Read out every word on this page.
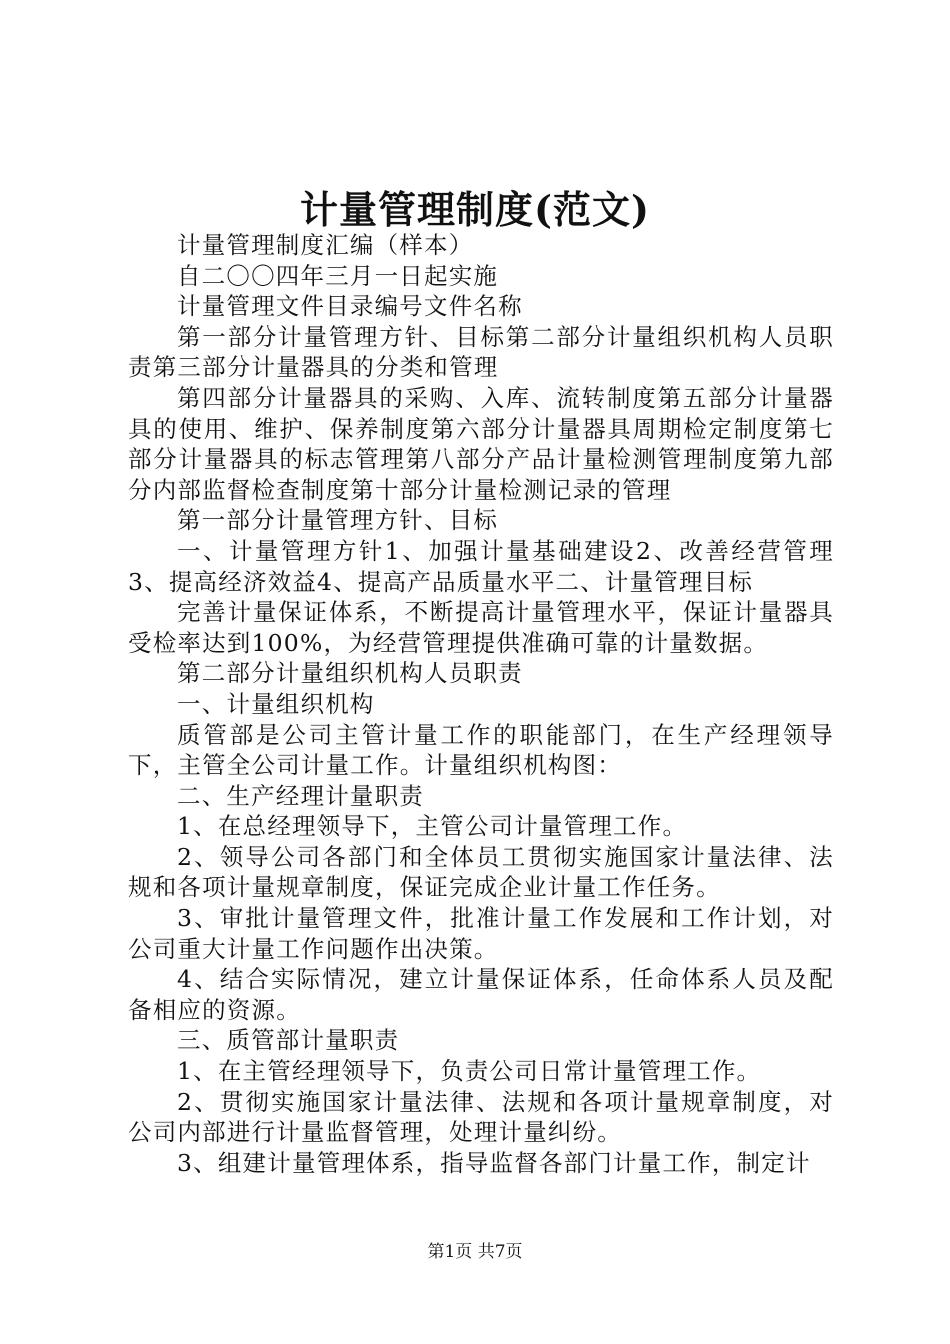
计量管理制度(范文)

计量管理制度汇编（样本）

自二〇〇四年三月一日起实施

计量管理文件目录编号文件名称

第一部分计量管理方针、目标第二部分计量组织机构人员职责第三部分计量器具的分类和管理

第四部分计量器具的采购、入库、流转制度第五部分计量器具的使用、维护、保养制度第六部分计量器具周期检定制度第七部分计量器具的标志管理第八部分产品计量检测管理制度第九部分内部监督检查制度第十部分计量检测记录的管理

第一部分计量管理方针、目标

一、计量管理方针1、加强计量基础建设2、改善经营管理3、提高经济效益4、提高产品质量水平二、计量管理目标

完善计量保证体系，不断提高计量管理水平，保证计量器具受检率达到100%，为经营管理提供准确可靠的计量数据。

第二部分计量组织机构人员职责

一、计量组织机构

质管部是公司主管计量工作的职能部门，在生产经理领导下，主管全公司计量工作。计量组织机构图：

二、生产经理计量职责

1、在总经理领导下，主管公司计量管理工作。

2、领导公司各部门和全体员工贯彻实施国家计量法律、法规和各项计量规章制度，保证完成企业计量工作任务。

3、审批计量管理文件，批准计量工作发展和工作计划，对公司重大计量工作问题作出决策。

4、结合实际情况，建立计量保证体系，任命体系人员及配备相应的资源。

三、质管部计量职责

1、在主管经理领导下，负责公司日常计量管理工作。

2、贯彻实施国家计量法律、法规和各项计量规章制度，对公司内部进行计量监督管理，处理计量纠纷。

3、组建计量管理体系，指导监督各部门计量工作，制定计

第1页 共7页
